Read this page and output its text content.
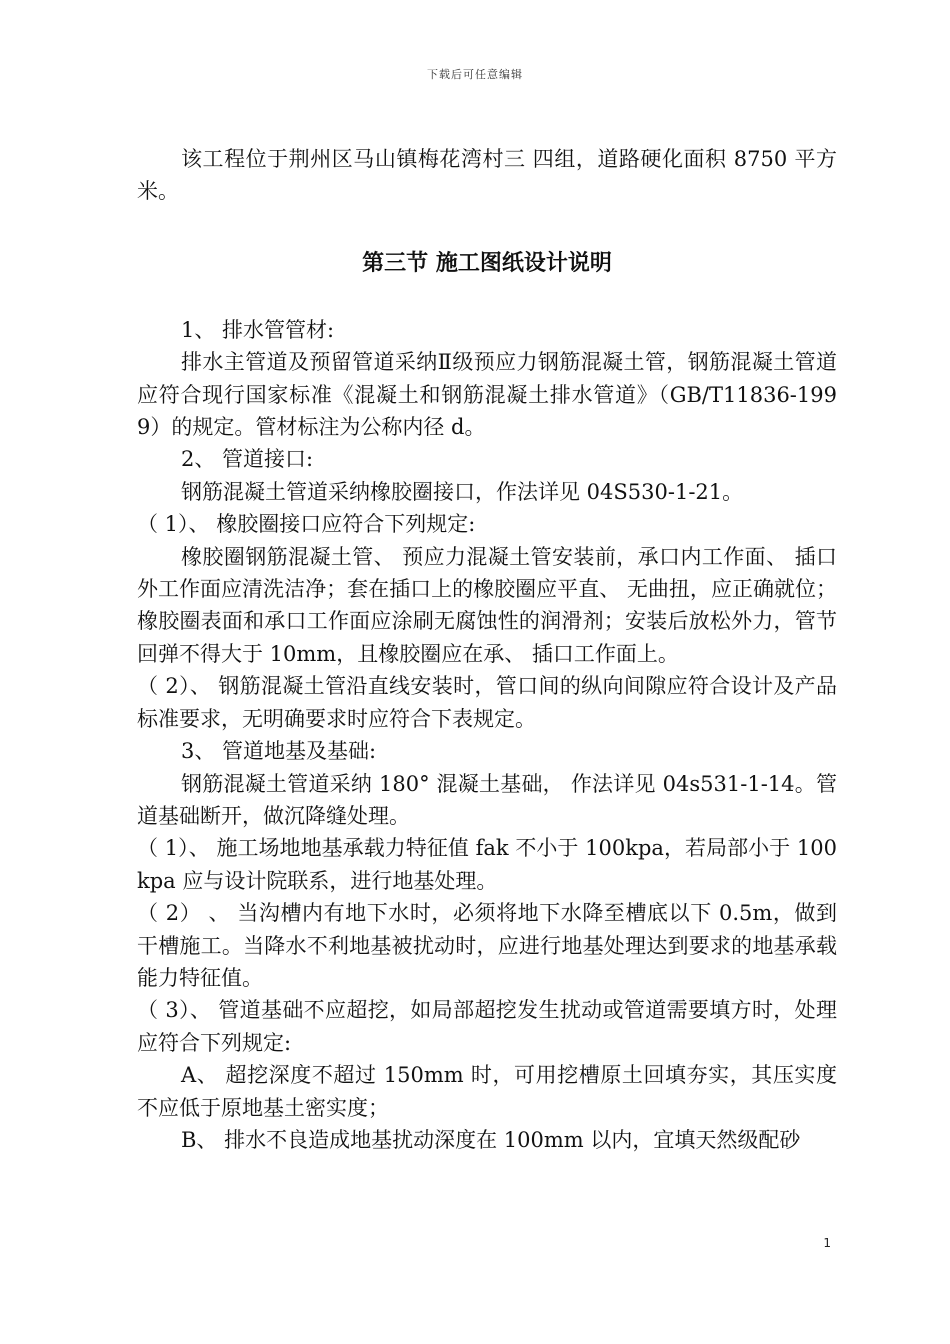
下载后可任意编辑

该工程位于荆州区马山镇梅花湾村三 四组，道路硬化面积 8750 平方米。

第三节 施工图纸设计说明

1、 排水管管材:

排水主管道及预留管道采纳Ⅱ级预应力钢筋混凝土管，钢筋混凝土管道应符合现行国家标准《混凝土和钢筋混凝土排水管道》（GB/T11836-1999）的规定。管材标注为公称内径 d。

2、 管道接口:

钢筋混凝土管道采纳橡胶圈接口，作法详见 04S530-1-21。

（ 1）、 橡胶圈接口应符合下列规定:

橡胶圈钢筋混凝土管、 预应力混凝土管安装前，承口内工作面、 插口外工作面应清洗洁净；套在插口上的橡胶圈应平直、 无曲扭，应正确就位；橡胶圈表面和承口工作面应涂刷无腐蚀性的润滑剂；安装后放松外力，管节回弹不得大于 10mm，且橡胶圈应在承、 插口工作面上。

（ 2）、 钢筋混凝土管沿直线安装时，管口间的纵向间隙应符合设计及产品标准要求，无明确要求时应符合下表规定。

3、 管道地基及基础:

钢筋混凝土管道采纳 180° 混凝土基础， 作法详见 04s531-1-14。管道基础断开，做沉降缝处理。

（ 1）、 施工场地地基承载力特征值 fak 不小于 100kpa，若局部小于 100kpa 应与设计院联系，进行地基处理。

（ 2） 、 当沟槽内有地下水时，必须将地下水降至槽底以下 0.5m，做到干槽施工。当降水不利地基被扰动时，应进行地基处理达到要求的地基承载能力特征值。

（ 3）、 管道基础不应超挖，如局部超挖发生扰动或管道需要填方时，处理应符合下列规定:

A、 超挖深度不超过 150mm 时，可用挖槽原土回填夯实，其压实度不应低于原地基土密实度；

B、 排水不良造成地基扰动深度在 100mm 以内，宜填天然级配砂

1
